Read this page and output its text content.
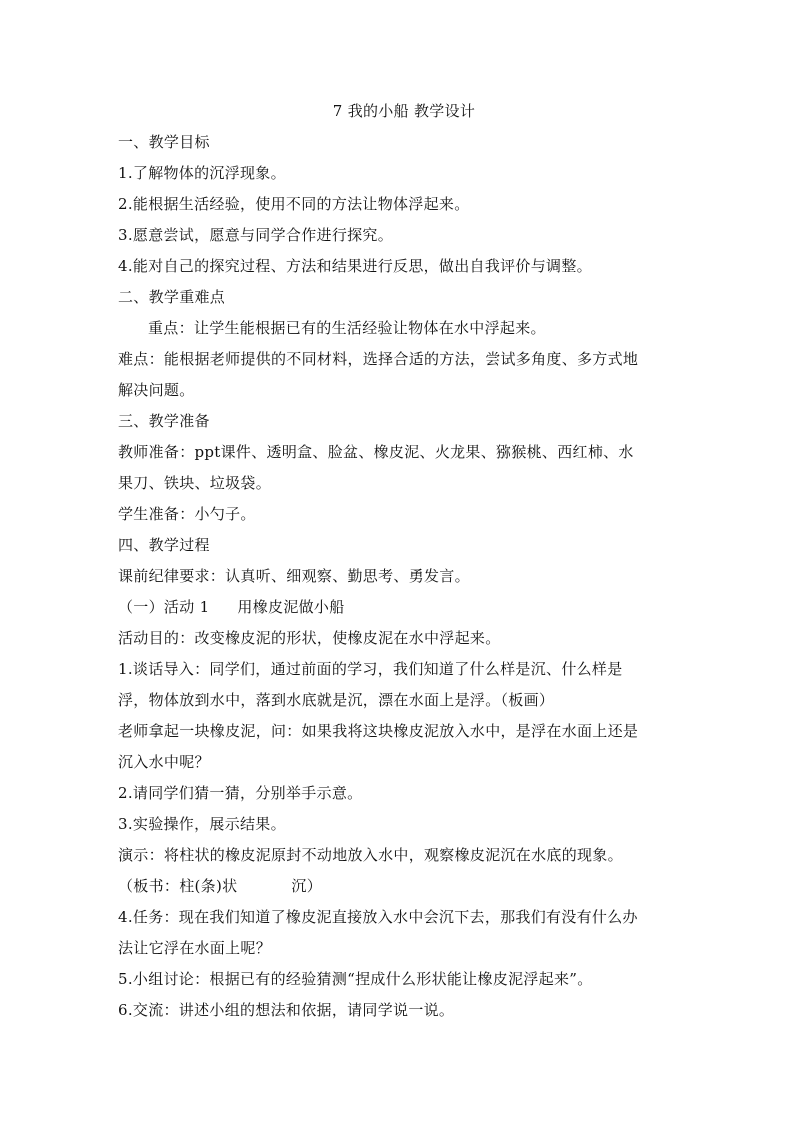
7 我的小船 教学设计
一、教学目标
1.了解物体的沉浮现象。
2.能根据生活经验，使用不同的方法让物体浮起来。
3.愿意尝试，愿意与同学合作进行探究。
4.能对自己的探究过程、方法和结果进行反思，做出自我评价与调整。
二、教学重难点
重点：让学生能根据已有的生活经验让物体在水中浮起来。
难点：能根据老师提供的不同材料，选择合适的方法，尝试多角度、多方式地
解决问题。
三、教学准备
教师准备：ppt课件、透明盒、脸盆、橡皮泥、火龙果、猕猴桃、西红柿、水
果刀、铁块、垃圾袋。
学生准备：小勺子。
四、教学过程
课前纪律要求：认真听、细观察、勤思考、勇发言。
（一）活动 1 用橡皮泥做小船
活动目的：改变橡皮泥的形状，使橡皮泥在水中浮起来。
1.谈话导入：同学们，通过前面的学习，我们知道了什么样是沉、什么样是
浮，物体放到水中，落到水底就是沉，漂在水面上是浮。（板画）
老师拿起一块橡皮泥，问：如果我将这块橡皮泥放入水中，是浮在水面上还是
沉入水中呢？
2.请同学们猜一猜，分别举手示意。
3.实验操作，展示结果。
演示：将柱状的橡皮泥原封不动地放入水中，观察橡皮泥沉在水底的现象。
（板书：柱(条)状	沉）
4.任务：现在我们知道了橡皮泥直接放入水中会沉下去，那我们有没有什么办
法让它浮在水面上呢？
5.小组讨论：根据已有的经验猜测“捏成什么形状能让橡皮泥浮起来”。
6.交流：讲述小组的想法和依据，请同学说一说。
